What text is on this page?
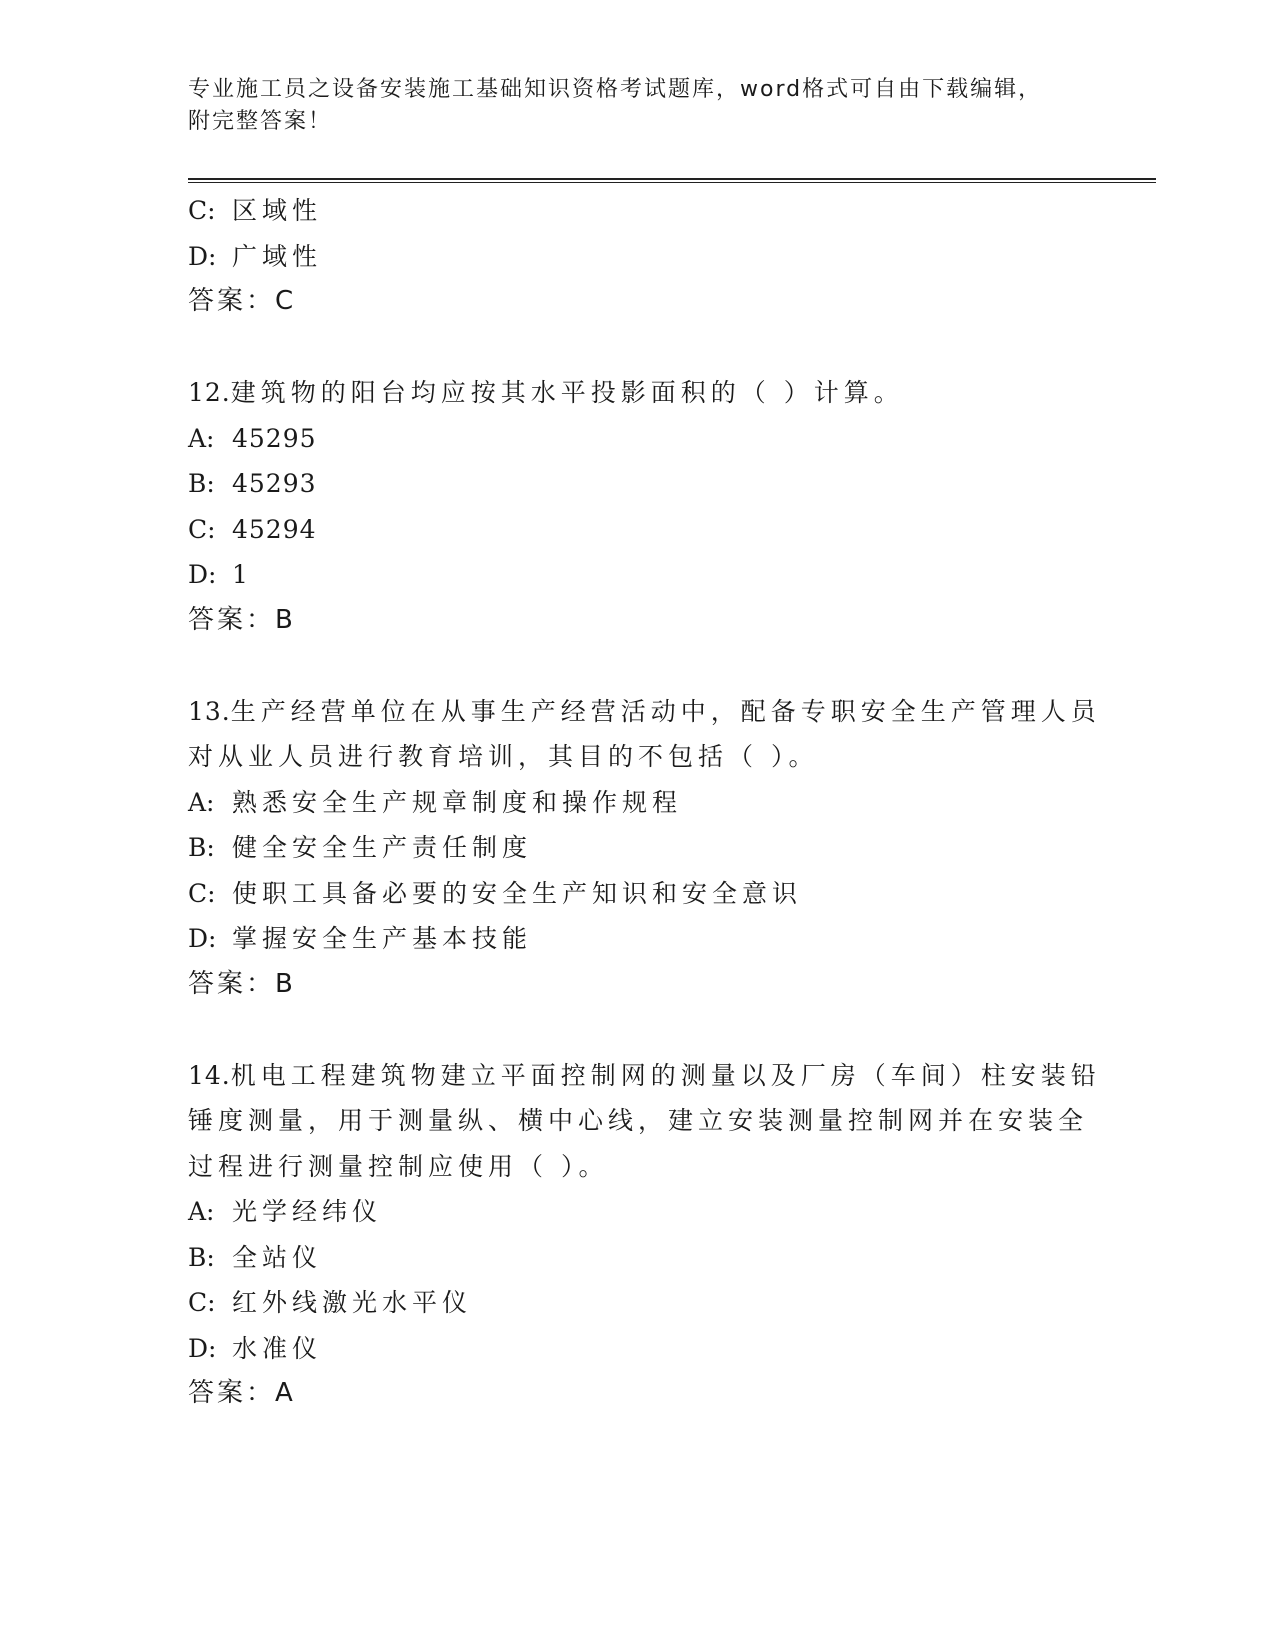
专业施工员之设备安装施工基础知识资格考试题库，word格式可自由下载编辑，
附完整答案！
C: 区域性
D: 广域性
答案：C
12.建筑物的阳台均应按其水平投影面积的（ ）计算。
A: 45295
B: 45293
C: 45294
D: 1
答案：B
13.生产经营单位在从事生产经营活动中，配备专职安全生产管理人员
对从业人员进行教育培训，其目的不包括（ ）。
A: 熟悉安全生产规章制度和操作规程
B: 健全安全生产责任制度
C: 使职工具备必要的安全生产知识和安全意识
D: 掌握安全生产基本技能
答案：B
14.机电工程建筑物建立平面控制网的测量以及厂房（车间）柱安装铅
锤度测量，用于测量纵、横中心线，建立安装测量控制网并在安装全
过程进行测量控制应使用（ ）。
A: 光学经纬仪
B: 全站仪
C: 红外线激光水平仪
D: 水准仪
答案：A
